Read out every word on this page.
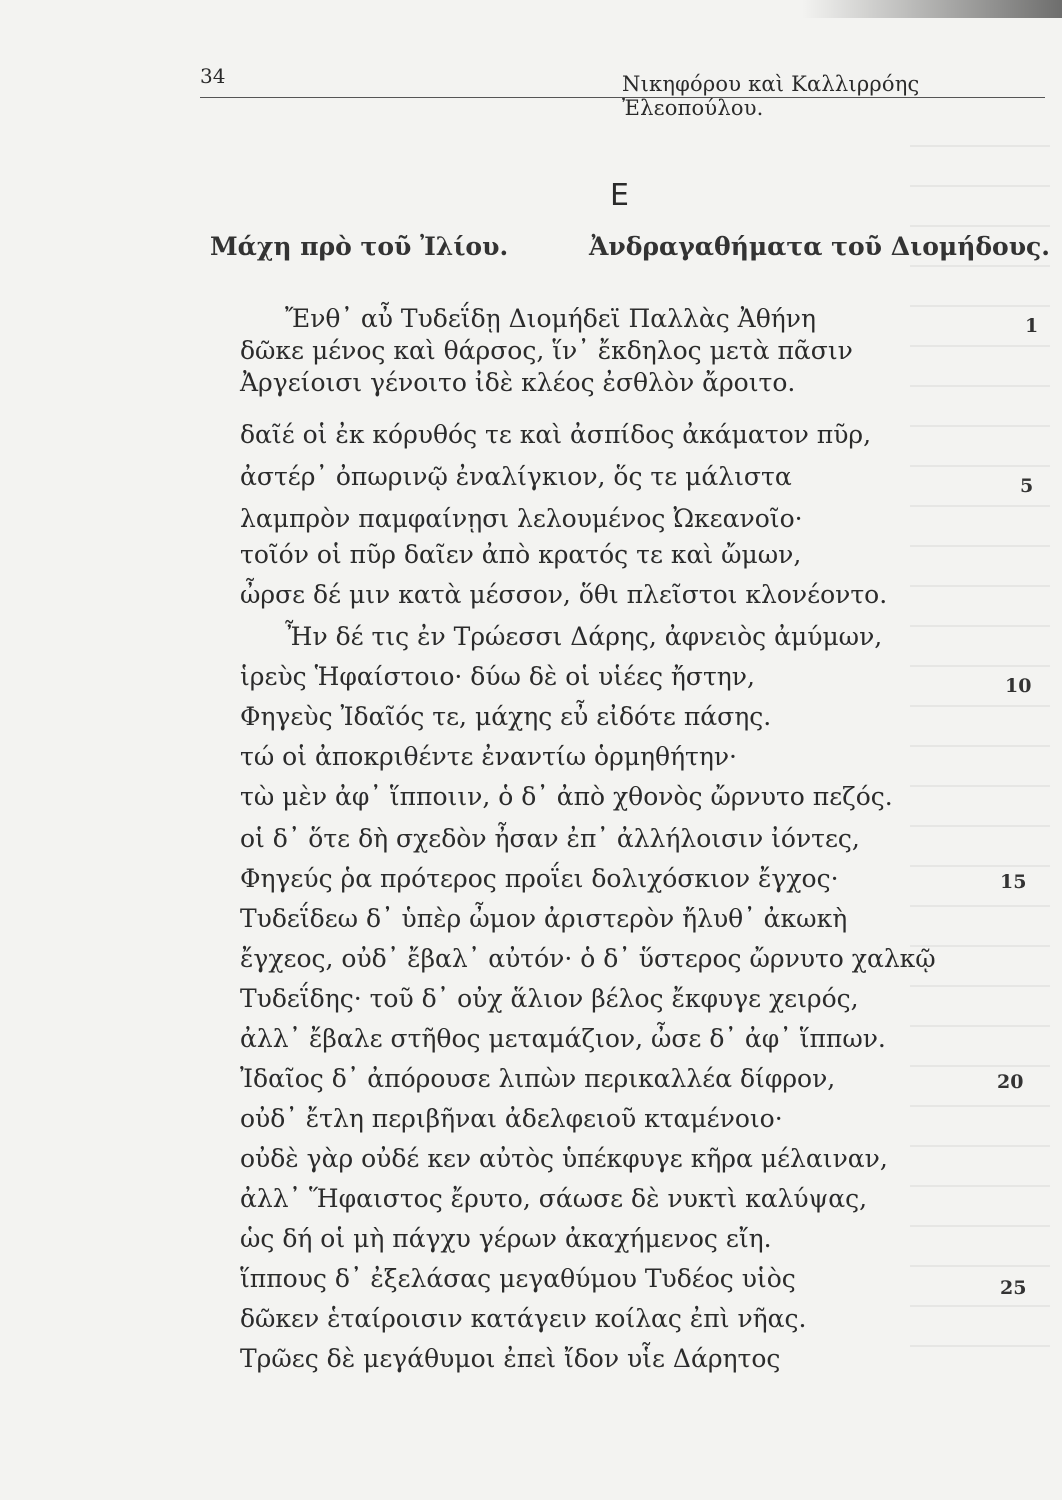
34	Νικηφόρου καὶ Καλλιρρόης Ἐλεοπούλου.
Ε
Μάχη πρὸ τοῦ Ἰλίου.	Ἀνδραγαθήματα τοῦ Διομήδους.
Ἔνθ᾽ αὖ Τυδεΐδῃ Διομήδεϊ Παλλὰς Ἀθήνη
δῶκε μένος καὶ θάρσος, ἵν᾽ ἔκδηλος μετὰ πᾶσιν
Ἀργείοισι γένοιτο ἰδὲ κλέος ἐσθλὸν ἄροιτο.
δαῖέ οἱ ἐκ κόρυθός τε καὶ ἀσπίδος ἀκάματον πῦρ,
ἀστέρ᾽ ὀπωρινῷ ἐναλίγκιον, ὅς τε μάλιστα
λαμπρὸν παμφαίνῃσι λελουμένος Ὠκεανοῖο·
τοῖόν οἱ πῦρ δαῖεν ἀπὸ κρατός τε καὶ ὤμων,
ὦρσε δέ μιν κατὰ μέσσον, ὅθι πλεῖστοι κλονέοντο.
Ἦν δέ τις ἐν Τρώεσσι Δάρης, ἀφνειὸς ἀμύμων,
ἱρεὺς Ἡφαίστοιο· δύω δὲ οἱ υἱέες ἤστην,
Φηγεὺς Ἰδαῖός τε, μάχης εὖ εἰδότε πάσης.
τώ οἱ ἀποκριθέντε ἐναντίω ὁρμηθήτην·
τὼ μὲν ἀφ᾽ ἵπποιιν, ὁ δ᾽ ἀπὸ χθονὸς ὤρνυτο πεζός.
οἱ δ᾽ ὅτε δὴ σχεδὸν ἦσαν ἐπ᾽ ἀλλήλοισιν ἰόντες,
Φηγεύς ῥα πρότερος προΐει δολιχόσκιον ἔγχος·
Τυδεΐδεω δ᾽ ὑπὲρ ὦμον ἀριστερὸν ἤλυθ᾽ ἀκωκὴ
ἔγχεος, οὐδ᾽ ἔβαλ᾽ αὐτόν· ὁ δ᾽ ὕστερος ὤρνυτο χαλκῷ
Τυδεΐδης· τοῦ δ᾽ οὐχ ἅλιον βέλος ἔκφυγε χειρός,
ἀλλ᾽ ἔβαλε στῆθος μεταμάζιον, ὦσε δ᾽ ἀφ᾽ ἵππων.
Ἰδαῖος δ᾽ ἀπόρουσε λιπὼν περικαλλέα δίφρον,
οὐδ᾽ ἔτλη περιβῆναι ἀδελφειοῦ κταμένοιο·
οὐδὲ γὰρ οὐδέ κεν αὐτὸς ὑπέκφυγε κῆρα μέλαιναν,
ἀλλ᾽ Ἥφαιστος ἔρυτο, σάωσε δὲ νυκτὶ καλύψας,
ὡς δή οἱ μὴ πάγχυ γέρων ἀκαχήμενος εἴη.
ἵππους δ᾽ ἐξελάσας μεγαθύμου Τυδέος υἱὸς
δῶκεν ἑταίροισιν κατάγειν κοίλας ἐπὶ νῆας.
Τρῶες δὲ μεγάθυμοι ἐπεὶ ἴδον υἷε Δάρητος
1
5
10
15
20
25
